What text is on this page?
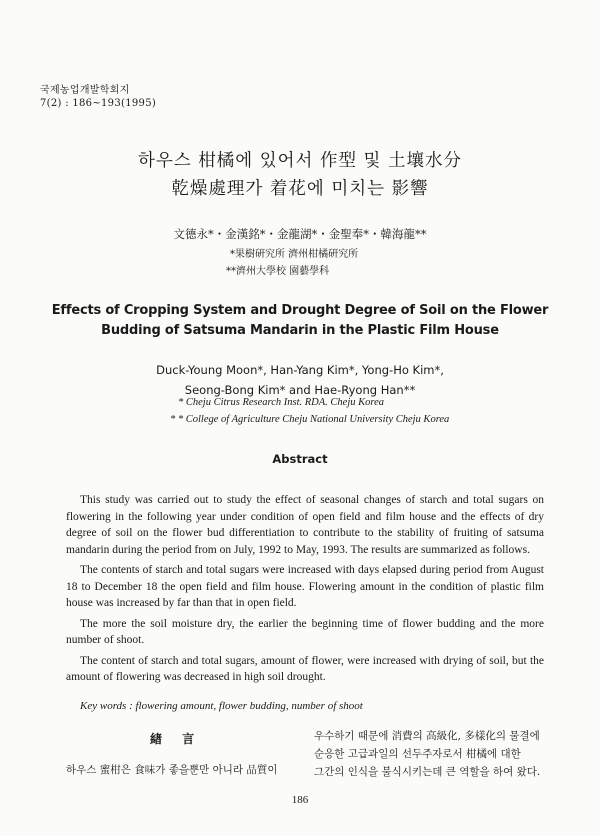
국제농업개발학회지
7(2) : 186~193(1995)
하우스 柑橘에 있어서 作型 및 土壤水分
乾燥處理가 着花에 미치는 影響
文德永*・金漢銘*・金龍湖*・金聖奉*・韓海龍**
*果樹硏究所 濟州柑橘硏究所
**濟州大學校 園藝學科
Effects of Cropping System and Drought Degree of Soil on the Flower
Budding of Satsuma Mandarin in the Plastic Film House
Duck-Young Moon*, Han-Yang Kim*, Yong-Ho Kim*,
Seong-Bong Kim* and Hae-Ryong Han**
* Cheju Citrus Research Inst. RDA. Cheju Korea
* * College of Agriculture Cheju National University Cheju Korea
Abstract

This study was carried out to study the effect of seasonal changes of starch and total sugars on flowering in the following year under condition of open field and film house and the effects of dry degree of soil on the flower bud differentiation to contribute to the stability of fruiting of satsuma mandarin during the period from on July, 1992 to May, 1993. The results are summarized as follows.

The contents of starch and total sugars were increased with days elapsed during period from August 18 to December 18 the open field and film house. Flowering amount in the condition of plastic film house was increased by far than that in open field.

The more the soil moisture dry, the earlier the beginning time of flower budding and the more number of shoot.

The content of starch and total sugars, amount of flower, were increased with drying of soil, but the amount of flowering was decreased in high soil drought.

Key words : flowering amount, flower budding, number of shoot
緖 言
하우스 蜜柑은 食味가 좋을뿐만 아니라 品質이
우수하기 때문에 消費의 高級化, 多樣化의 물결에
순응한 고급과일의 선두주자로서 柑橘에 대한
그간의 인식을 불식시키는데 큰 역할을 하여 왔다.
186
